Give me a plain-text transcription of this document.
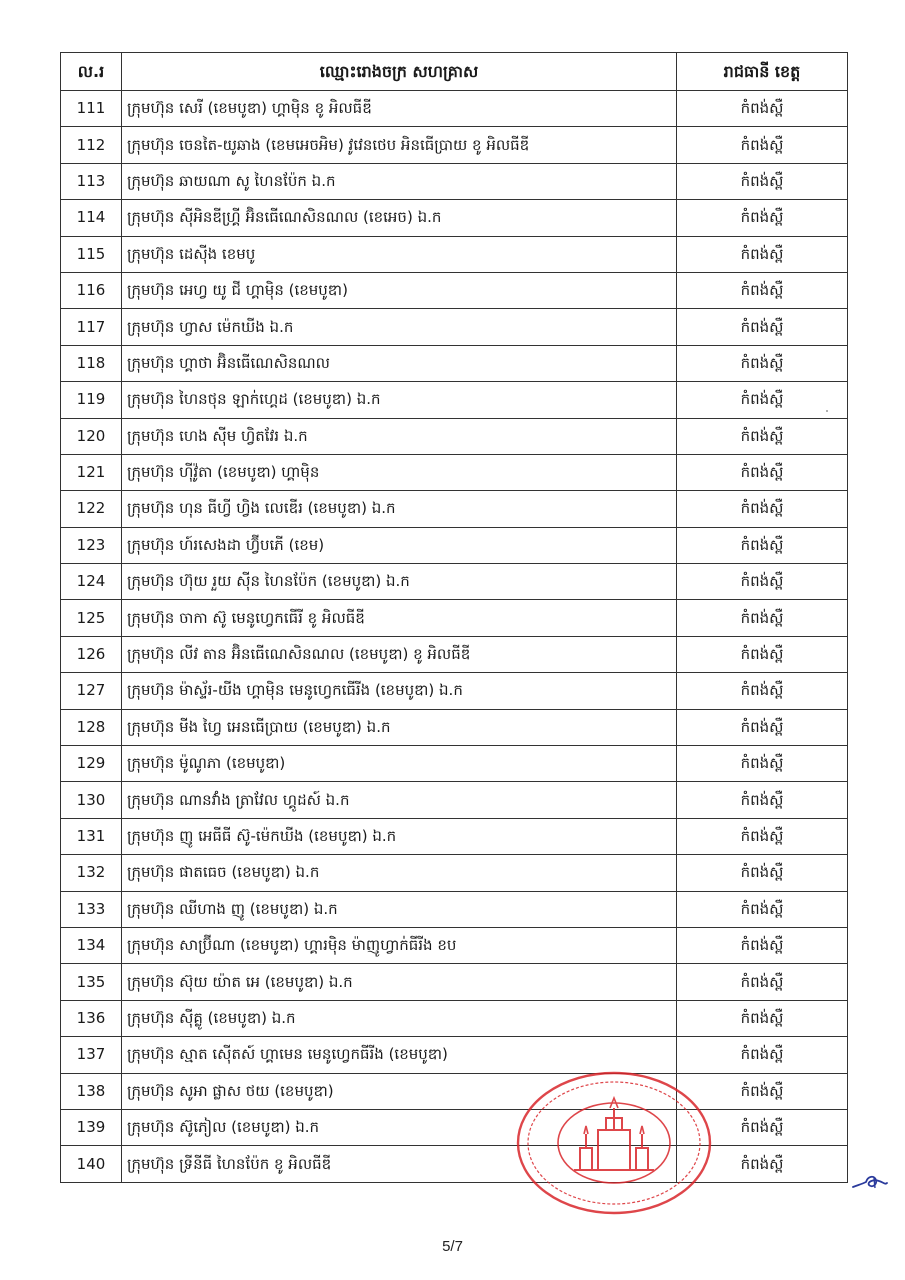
ល.រ	ឈ្មោះរោងចក្រ សហគ្រាស	រាជធានី ខេត្ត
111	ក្រុមហ៊ុន សេរី (ខេមបូឌា) ហ្គាម៉ិន ខូ អិលធីឌី	កំពង់ស្ពឺ
112	ក្រុមហ៊ុន ចេនតៃ-យូឆាង (ខេមអេចអិម) វូវេនថេប អិនធើប្រាយ ខូ អិលធីឌី	កំពង់ស្ពឺ
113	ក្រុមហ៊ុន ឆាយណា សូ ហៃនប៉ែក ឯ.ក	កំពង់ស្ពឺ
114	ក្រុមហ៊ុន ស៊ីអិនឌីហ្គ្រី អ៊ិនធើណេសិនណល (ខេអេច) ឯ.ក	កំពង់ស្ពឺ
115	ក្រុមហ៊ុន ដេស៊ីង ខេមបូ	កំពង់ស្ពឺ
116	ក្រុមហ៊ុន អេហ្វ យូ ជី ហ្គាម៉ិន (ខេមបូឌា)	កំពង់ស្ពឺ
117	ក្រុមហ៊ុន ហ្វាស ម៉េកឃីង ឯ.ក	កំពង់ស្ពឺ
118	ក្រុមហ៊ុន ហ្គាថា អ៊ិនធើណេសិនណល	កំពង់ស្ពឺ
119	ក្រុមហ៊ុន ហៃនថុន ឡាក់ហ្គេដ (ខេមបូឌា) ឯ.ក	កំពង់ស្ពឺ
120	ក្រុមហ៊ុន ហេង ស៊ីម ហ្វិតវែរ ឯ.ក	កំពង់ស្ពឺ
121	ក្រុមហ៊ុន ហ៊ីវ៉ូតា (ខេមបូឌា) ហ្គាម៉ិន	កំពង់ស្ពឺ
122	ក្រុមហ៊ុន ហុន ធីហ្វី ហ្វិង លេឌើរ (ខេមបូឌា) ឯ.ក	កំពង់ស្ពឺ
123	ក្រុមហ៊ុន ហ៍រសេងដា ហ្វ៊ីបភើ (ខេម)	កំពង់ស្ពឺ
124	ក្រុមហ៊ុន ហ៊ុយ រួយ ស៊ីន ហៃនប៉ែក (ខេមបូឌា) ឯ.ក	កំពង់ស្ពឺ
125	ក្រុមហ៊ុន ចាកា ស៊ូ មេនូហ្វេកធើរី ខូ អិលធីឌី	កំពង់ស្ពឺ
126	ក្រុមហ៊ុន លីវ តាន អ៊ិនធើណេសិនណល (ខេមបូឌា) ខូ អិលធីឌី	កំពង់ស្ពឺ
127	ក្រុមហ៊ុន ម៉ាស្ទ័រ-យីង ហ្គាម៉ិន មេនូហ្វេកធើរីង (ខេមបូឌា) ឯ.ក	កំពង់ស្ពឺ
128	ក្រុមហ៊ុន មីង ហ្វៃ អេនធើប្រាយ (ខេមបូឌា) ឯ.ក	កំពង់ស្ពឺ
129	ក្រុមហ៊ុន ម៉ូណូភា (ខេមបូឌា)	កំពង់ស្ពឺ
130	ក្រុមហ៊ុន ណានវាំង ត្រាវែល ហ្គូដស៍ ឯ.ក	កំពង់ស្ពឺ
131	ក្រុមហ៊ុន ញូ អេធីធី ស៊ូ-ម៉េកឃីង (ខេមបូឌា) ឯ.ក	កំពង់ស្ពឺ
132	ក្រុមហ៊ុន ផាតធេច (ខេមបូឌា) ឯ.ក	កំពង់ស្ពឺ
133	ក្រុមហ៊ុន ឈីហាង ញូ (ខេមបូឌា) ឯ.ក	កំពង់ស្ពឺ
134	ក្រុមហ៊ុន សាប្រ៊ីណា (ខេមបូឌា) ហ្គារម៉ិន ម៉ាញូហ្វាក់ធីរីង ខប	កំពង់ស្ពឺ
135	ក្រុមហ៊ុន ស៊ុយ យ៉ាត អេ (ខេមបូឌា) ឯ.ក	កំពង់ស្ពឺ
136	ក្រុមហ៊ុន ស៊ីគ្លូ (ខេមបូឌា) ឯ.ក	កំពង់ស្ពឺ
137	ក្រុមហ៊ុន ស្មាត ស៊ើតស៍ ហ្គាមេន មេនូហ្វេកធីរីង (ខេមបូឌា)	កំពង់ស្ពឺ
138	ក្រុមហ៊ុន សូអា ផ្លាស ថយ (ខេមបូឌា)	កំពង់ស្ពឺ
139	ក្រុមហ៊ុន ស៊ូភៀល (ខេមបូឌា) ឯ.ក	កំពង់ស្ពឺ
140	ក្រុមហ៊ុន ទ្រីនីធី ហៃនប៉ែក ខូ អិលធីឌី	កំពង់ស្ពឺ
5/7
